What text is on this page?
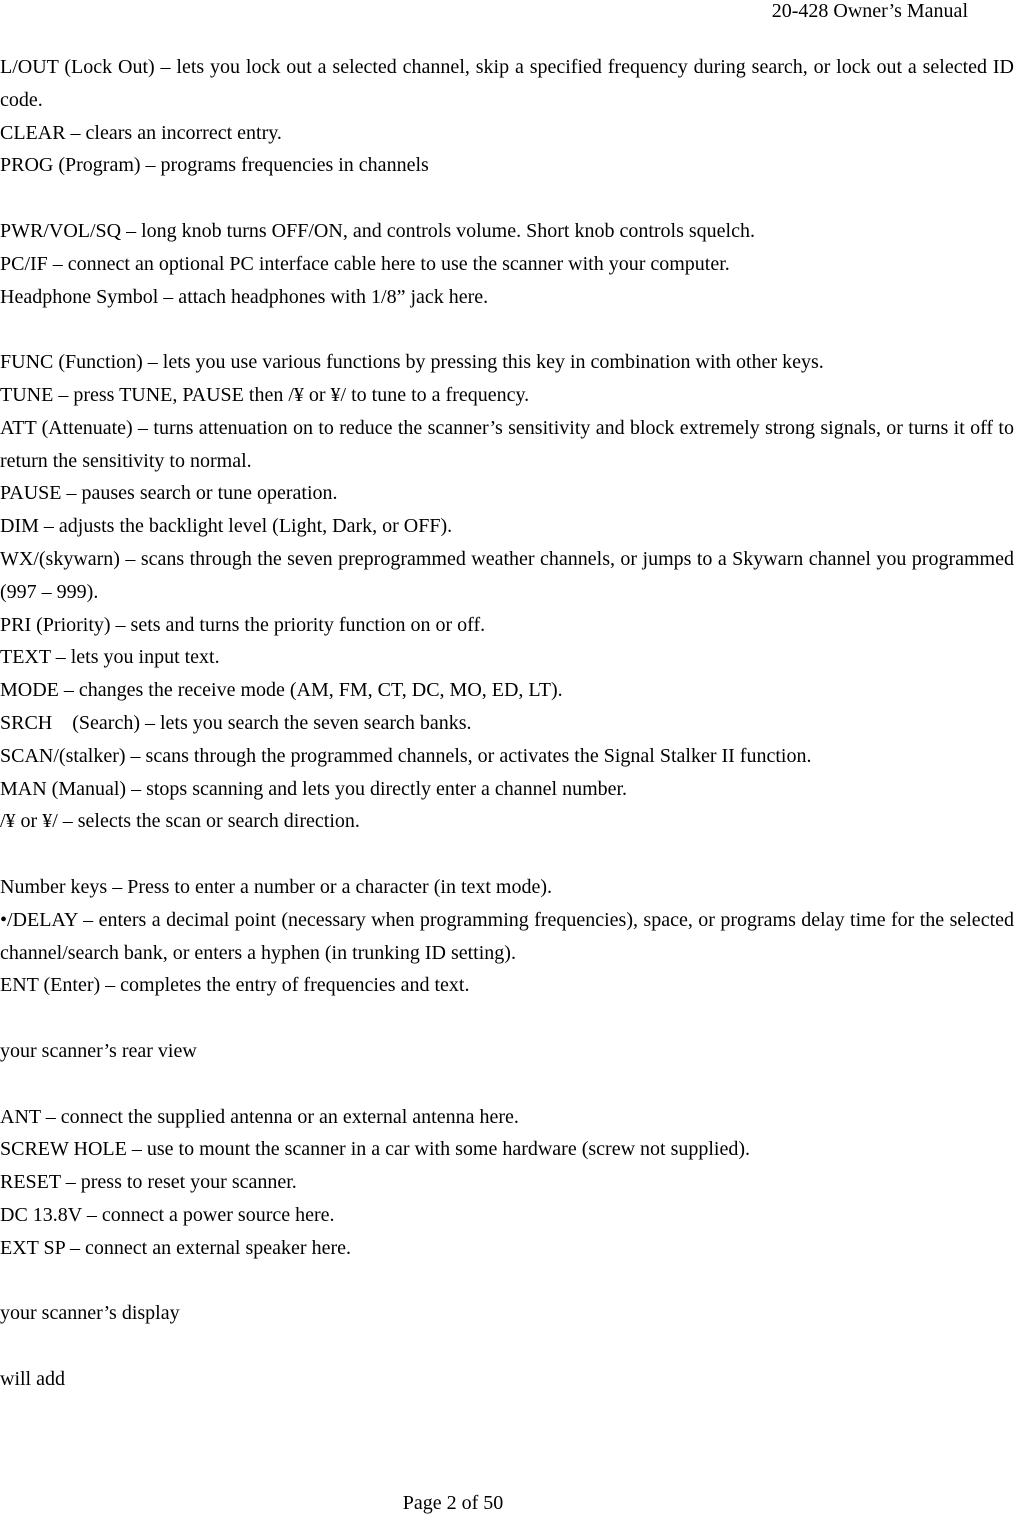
20-428 Owner’s Manual

L/OUT (Lock Out) – lets you lock out a selected channel, skip a specified frequency during search, or lock out a selected ID code.

CLEAR – clears an incorrect entry.

PROG (Program) – programs frequencies in channels

PWR/VOL/SQ – long knob turns OFF/ON, and controls volume. Short knob controls squelch.

PC/IF – connect an optional PC interface cable here to use the scanner with your computer.

Headphone Symbol – attach headphones with 1/8” jack here.

FUNC (Function) – lets you use various functions by pressing this key in combination with other keys.

TUNE – press TUNE, PAUSE then /¥ or ¥/ to tune to a frequency.

ATT (Attenuate) – turns attenuation on to reduce the scanner’s sensitivity and block extremely strong signals, or turns it off to return the sensitivity to normal.

PAUSE – pauses search or tune operation.

DIM – adjusts the backlight level (Light, Dark, or OFF).

WX/(skywarn) – scans through the seven preprogrammed weather channels, or jumps to a Skywarn channel you programmed (997 – 999).

PRI (Priority) – sets and turns the priority function on or off.

TEXT – lets you input text.

MODE – changes the receive mode (AM, FM, CT, DC, MO, ED, LT).

SRCH　(Search) – lets you search the seven search banks.

SCAN/(stalker) – scans through the programmed channels, or activates the Signal Stalker II function.

MAN (Manual) – stops scanning and lets you directly enter a channel number.

/¥ or ¥/ – selects the scan or search direction.

Number keys – Press to enter a number or a character (in text mode).

•/DELAY – enters a decimal point (necessary when programming frequencies), space, or programs delay time for the selected channel/search bank, or enters a hyphen (in trunking ID setting).

ENT (Enter) – completes the entry of frequencies and text.

your scanner’s rear view

ANT – connect the supplied antenna or an external antenna here.

SCREW HOLE – use to mount the scanner in a car with some hardware (screw not supplied).

RESET – press to reset your scanner.

DC 13.8V – connect a power source here.

EXT SP – connect an external speaker here.

your scanner’s display

will add

Page 2 of 50
